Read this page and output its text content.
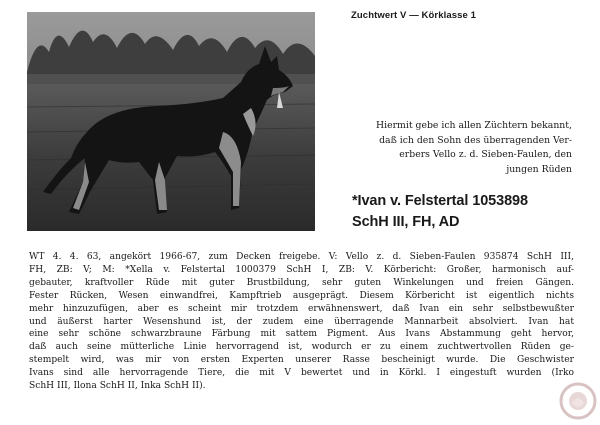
Zuchtwert V — Körklasse 1
Hiermit gebe ich allen Züchtern bekannt,
daß ich den Sohn des überragenden Ver-
erbers Vello z. d. Sieben-Faulen, den
jungen Rüden
*Ivan v. Felstertal 1053898
SchH III, FH, AD
WT 4. 4. 63, angekört 1966-67, zum Decken freigebe. V: Vello z. d. Sieben-Faulen 935874 SchH III,
FH, ZB: V; M: *Xella v. Felstertal 1000379 SchH I, ZB: V. Körbericht: Großer, harmonisch auf-
gebauter, kraftvoller Rüde mit guter Brustbildung, sehr guten Winkelungen und freien Gängen.
Fester Rücken, Wesen einwandfrei, Kampftrieb ausgeprägt. Diesem Körbericht ist eigentlich nichts
mehr hinzuzufügen, aber es scheint mir trotzdem erwähnenswert, daß Ivan ein sehr selbstbewußter
und äußerst harter Wesenshund ist, der zudem eine überragende Mannarbeit absolviert. Ivan hat
eine sehr schöne schwarzbraune Färbung mit sattem Pigment. Aus Ivans Abstammung geht hervor,
daß auch seine mütterliche Linie hervorragend ist, wodurch er zu einem zuchtwertvollen Rüden ge-
stempelt wird, was mir von ersten Experten unserer Rasse bescheinigt wurde. Die Geschwister
Ivans sind alle hervorragende Tiere, die mit V bewertet und in Körkl. I eingestuft wurden (Irko
SchH III, Ilona SchH II, Inka SchH II).
